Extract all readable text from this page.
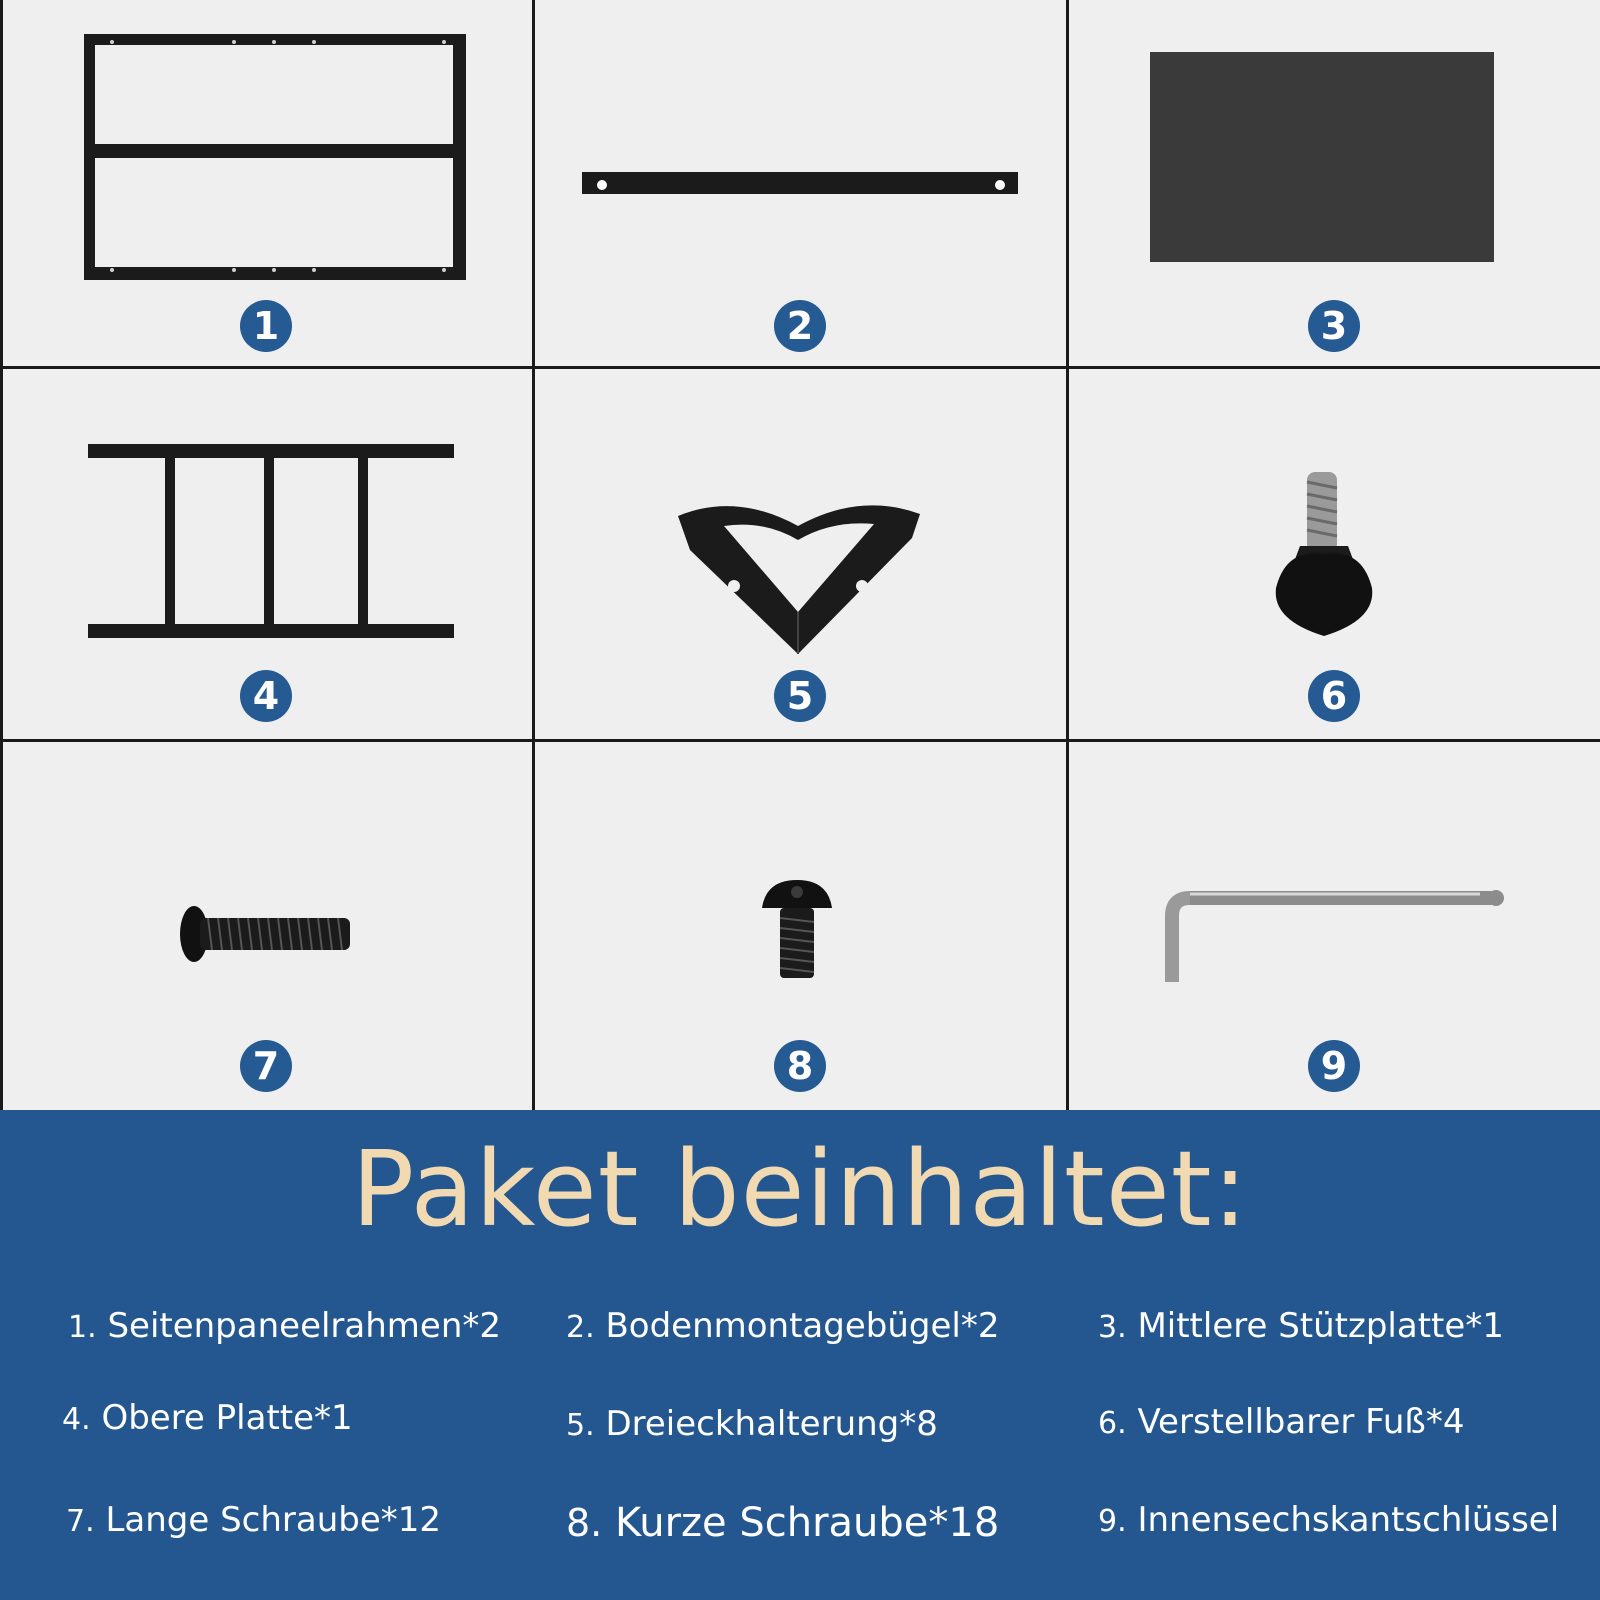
1	2	3
4	5	6
7	8	9
Paket beinhaltet:
1. Seitenpaneelrahmen*2 2. Bodenmontagebügel*2	3. Mittlere Stützplatte*1
4. Obere Platte*1	5. Dreieckhalterung*8	6. Verstellbarer Fuß*4
7. Lange Schraube*12	8. Kurze Schraube*18	9. Innensechskantschlüssel
